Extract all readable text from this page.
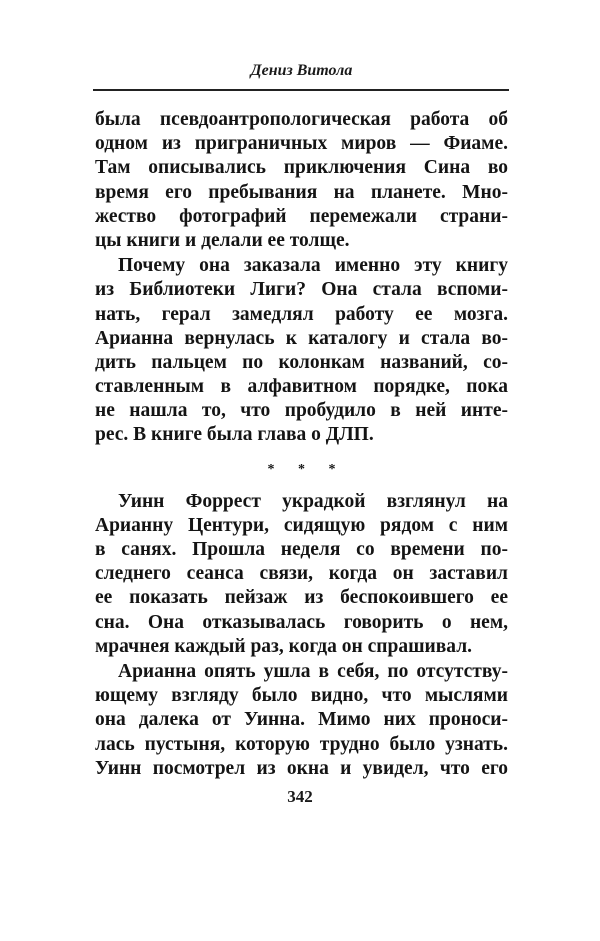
Дениз Витола
была псевдоантропологическая работа об
одном из приграничных миров — Фиаме.
Там описывались приключения Сина во
время его пребывания на планете. Мно-
жество фотографий перемежали страни-
цы книги и делали ее толще.
Почему она заказала именно эту книгу
из Библиотеки Лиги? Она стала вспоми-
нать, герал замедлял работу ее мозга.
Арианна вернулась к каталогу и стала во-
дить пальцем по колонкам названий, со-
ставленным в алфавитном порядке, пока
не нашла то, что пробудило в ней инте-
рес. В книге была глава о ДЛП.
* * *
Уинн Форрест украдкой взглянул на
Арианну Центури, сидящую рядом с ним
в санях. Прошла неделя со времени по-
следнего сеанса связи, когда он заставил
ее показать пейзаж из беспокоившего ее
сна. Она отказывалась говорить о нем,
мрачнея каждый раз, когда он спрашивал.
Арианна опять ушла в себя, по отсутству-
ющему взгляду было видно, что мыслями
она далека от Уинна. Мимо них проноси-
лась пустыня, которую трудно было узнать.
Уинн посмотрел из окна и увидел, что его
342
